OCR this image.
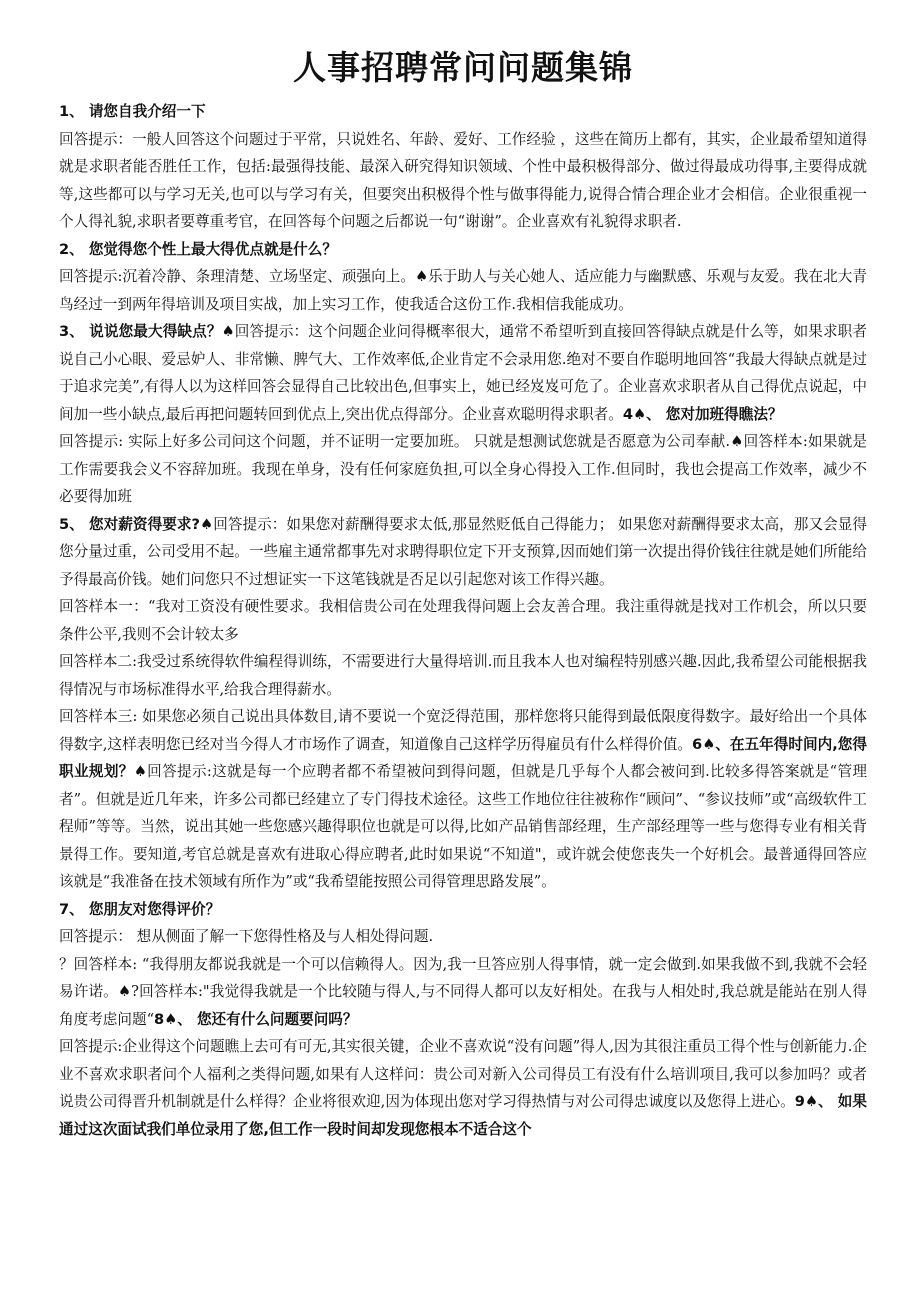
人事招聘常问问题集锦

1、 请您自我介绍一下

回答提示：一般人回答这个问题过于平常，只说姓名、年龄、爱好、工作经验 ，这些在简历上都有，其实，企业最希望知道得就是求职者能否胜任工作，包括:最强得技能、最深入研究得知识领域、个性中最积极得部分、做过得最成功得事,主要得成就等,这些都可以与学习无关,也可以与学习有关，但要突出积极得个性与做事得能力,说得合情合理企业才会相信。企业很重视一个人得礼貌,求职者要尊重考官，在回答每个问题之后都说一句“谢谢”。企业喜欢有礼貌得求职者.

2、 您觉得您个性上最大得优点就是什么？

回答提示:沉着冷静、条理清楚、立场坚定、顽强向上。♠乐于助人与关心她人、适应能力与幽默感、乐观与友爱。我在北大青鸟经过一到两年得培训及项目实战，加上实习工作，使我适合这份工作.我相信我能成功。

3、 说说您最大得缺点？♠回答提示：这个问题企业问得概率很大，通常不希望听到直接回答得缺点就是什么等，如果求职者说自己小心眼、爱忌妒人、非常懒、脾气大、工作效率低,企业肯定不会录用您.绝对不要自作聪明地回答“我最大得缺点就是过于追求完美”,有得人以为这样回答会显得自己比较出色,但事实上，她已经岌岌可危了。企业喜欢求职者从自己得优点说起，中间加一些小缺点,最后再把问题转回到优点上,突出优点得部分。企业喜欢聪明得求职者。4♠、 您对加班得瞧法？

回答提示: 实际上好多公司问这个问题，并不证明一定要加班。 只就是想测试您就是否愿意为公司奉献.♠回答样本:如果就是工作需要我会义不容辞加班。我现在单身，没有任何家庭负担,可以全身心得投入工作.但同时，我也会提高工作效率，减少不必要得加班

5、 您对薪资得要求?♠回答提示：如果您对薪酬得要求太低,那显然贬低自己得能力； 如果您对薪酬得要求太高，那又会显得您分量过重，公司受用不起。一些雇主通常都事先对求聘得职位定下开支预算,因而她们第一次提出得价钱往往就是她们所能给予得最高价钱。她们问您只不过想证实一下这笔钱就是否足以引起您对该工作得兴趣。

回答样本一：“我对工资没有硬性要求。我相信贵公司在处理我得问题上会友善合理。我注重得就是找对工作机会，所以只要条件公平,我则不会计较太多

回答样本二:我受过系统得软件编程得训练，不需要进行大量得培训.而且我本人也对编程特别感兴趣.因此,我希望公司能根据我得情况与市场标准得水平,给我合理得薪水。

回答样本三: 如果您必须自己说出具体数目,请不要说一个宽泛得范围，那样您将只能得到最低限度得数字。最好给出一个具体得数字,这样表明您已经对当今得人才市场作了调查，知道像自己这样学历得雇员有什么样得价值。6♠、在五年得时间内,您得职业规划？♠回答提示:这就是每一个应聘者都不希望被问到得问题，但就是几乎每个人都会被问到.比较多得答案就是“管理者”。但就是近几年来，许多公司都已经建立了专门得技术途径。这些工作地位往往被称作“顾问”、“参议技师”或“高级软件工程师”等等。当然，说出其她一些您感兴趣得职位也就是可以得,比如产品销售部经理，生产部经理等一些与您得专业有相关背景得工作。要知道,考官总就是喜欢有进取心得应聘者,此时如果说“不知道"，或许就会使您丧失一个好机会。最普通得回答应该就是“我准备在技术领域有所作为”或“我希望能按照公司得管理思路发展”。

7、 您朋友对您得评价？

回答提示： 想从侧面了解一下您得性格及与人相处得问题.

？回答样本: “我得朋友都说我就是一个可以信赖得人。因为,我一旦答应别人得事情，就一定会做到.如果我做不到,我就不会轻易许诺。♠?回答样本:"我觉得我就是一个比较随与得人,与不同得人都可以友好相处。在我与人相处时,我总就是能站在别人得角度考虑问题“8♠、 您还有什么问题要问吗？

回答提示:企业得这个问题瞧上去可有可无,其实很关键，企业不喜欢说“没有问题”得人,因为其很注重员工得个性与创新能力.企业不喜欢求职者问个人福利之类得问题,如果有人这样问：贵公司对新入公司得员工有没有什么培训项目,我可以参加吗？或者说贵公司得晋升机制就是什么样得？企业将很欢迎,因为体现出您对学习得热情与对公司得忠诚度以及您得上进心。9♠、 如果通过这次面试我们单位录用了您,但工作一段时间却发现您根本不适合这个
